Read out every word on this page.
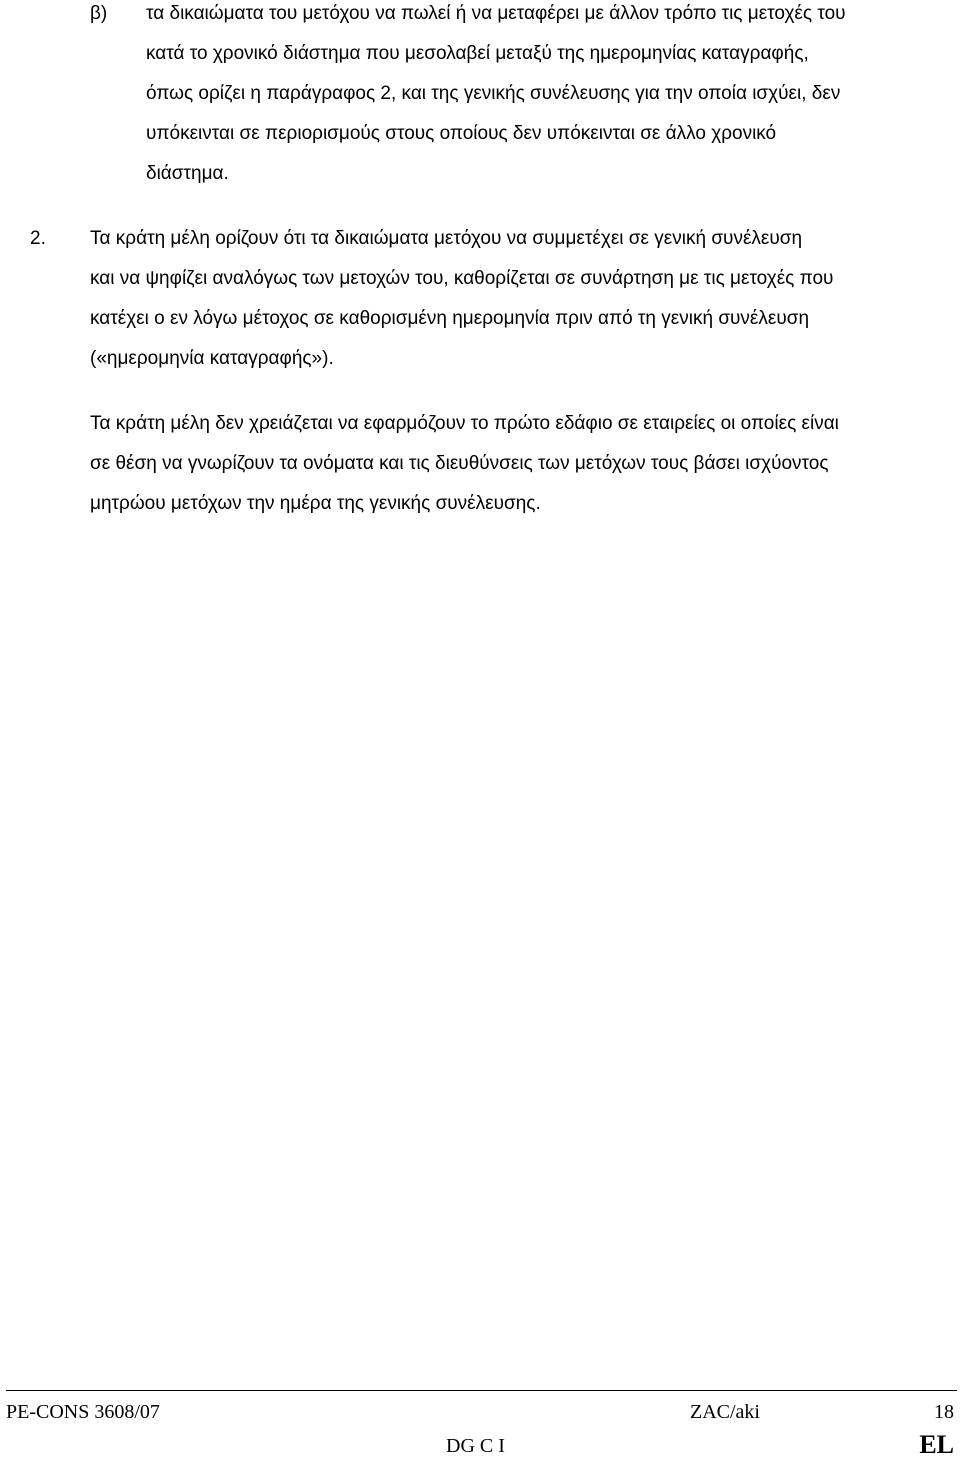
β) τα δικαιώματα του μετόχου να πωλεί ή να μεταφέρει με άλλον τρόπο τις μετοχές του

κατά το χρονικό διάστημα που μεσολαβεί μεταξύ της ημερομηνίας καταγραφής,

όπως ορίζει η παράγραφος 2, και της γενικής συνέλευσης για την οποία ισχύει, δεν

υπόκεινται σε περιορισμούς στους οποίους δεν υπόκεινται σε άλλο χρονικό

διάστημα.

2. Τα κράτη μέλη ορίζουν ότι τα δικαιώματα μετόχου να συμμετέχει σε γενική συνέλευση

και να ψηφίζει αναλόγως των μετοχών του, καθορίζεται σε συνάρτηση με τις μετοχές που

κατέχει ο εν λόγω μέτοχος σε καθορισμένη ημερομηνία πριν από τη γενική συνέλευση

(«ημερομηνία καταγραφής»).

Τα κράτη μέλη δεν χρειάζεται να εφαρμόζουν το πρώτο εδάφιο σε εταιρείες οι οποίες είναι

σε θέση να γνωρίζουν τα ονόματα και τις διευθύνσεις των μετόχων τους βάσει ισχύοντος

μητρώου μετόχων την ημέρα της γενικής συνέλευσης.

PE-CONS 3608/07	ZAC/aki	18
DG C I	EL
